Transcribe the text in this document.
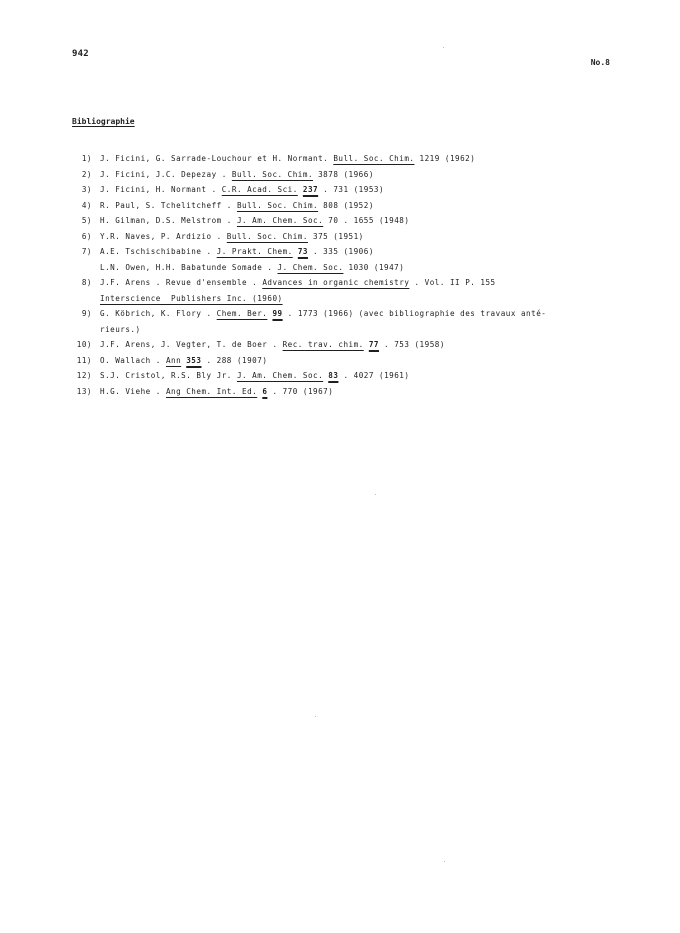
942
No.8
Bibliographie
1)	J. Ficini, G. Sarrade-Louchour et H. Normant. Bull. Soc. Chim. 1219 (1962)
2)	J. Ficini, J.C. Depezay . Bull. Soc. Chim. 3878 (1966)
3)	J. Ficini, H. Normant . C.R. Acad. Sci. 237 . 731 (1953)
4)	R. Paul, S. Tchelitcheff . Bull. Soc. Chim. 808 (1952)
5)	H. Gilman, D.S. Melstrom . J. Am. Chem. Soc. 70 . 1655 (1948)
6)	Y.R. Naves, P. Ardizio . Bull. Soc. Chim. 375 (1951)
7)	A.E. Tschischibabine . J. Prakt. Chem. 73 . 335 (1906)
L.N. Owen, H.H. Babatunde Somade . J. Chem. Soc. 1030 (1947)
8)	J.F. Arens . Revue d'ensemble . Advances in organic chemistry . Vol. II P. 155
Interscience  Publishers Inc. (1960)
9)	G. Köbrich, K. Flory . Chem. Ber. 99 . 1773 (1966) (avec bibliographie des travaux anté-
rieurs.)
10)	J.F. Arens, J. Vegter, T. de Boer . Rec. trav. chim. 77 . 753 (1958)
11)	O. Wallach . Ann 353 . 288 (1907)
12)	S.J. Cristol, R.S. Bly Jr. J. Am. Chem. Soc. 83 . 4027 (1961)
13)	H.G. Viehe . Ang Chem. Int. Ed. 6 . 770 (1967)
